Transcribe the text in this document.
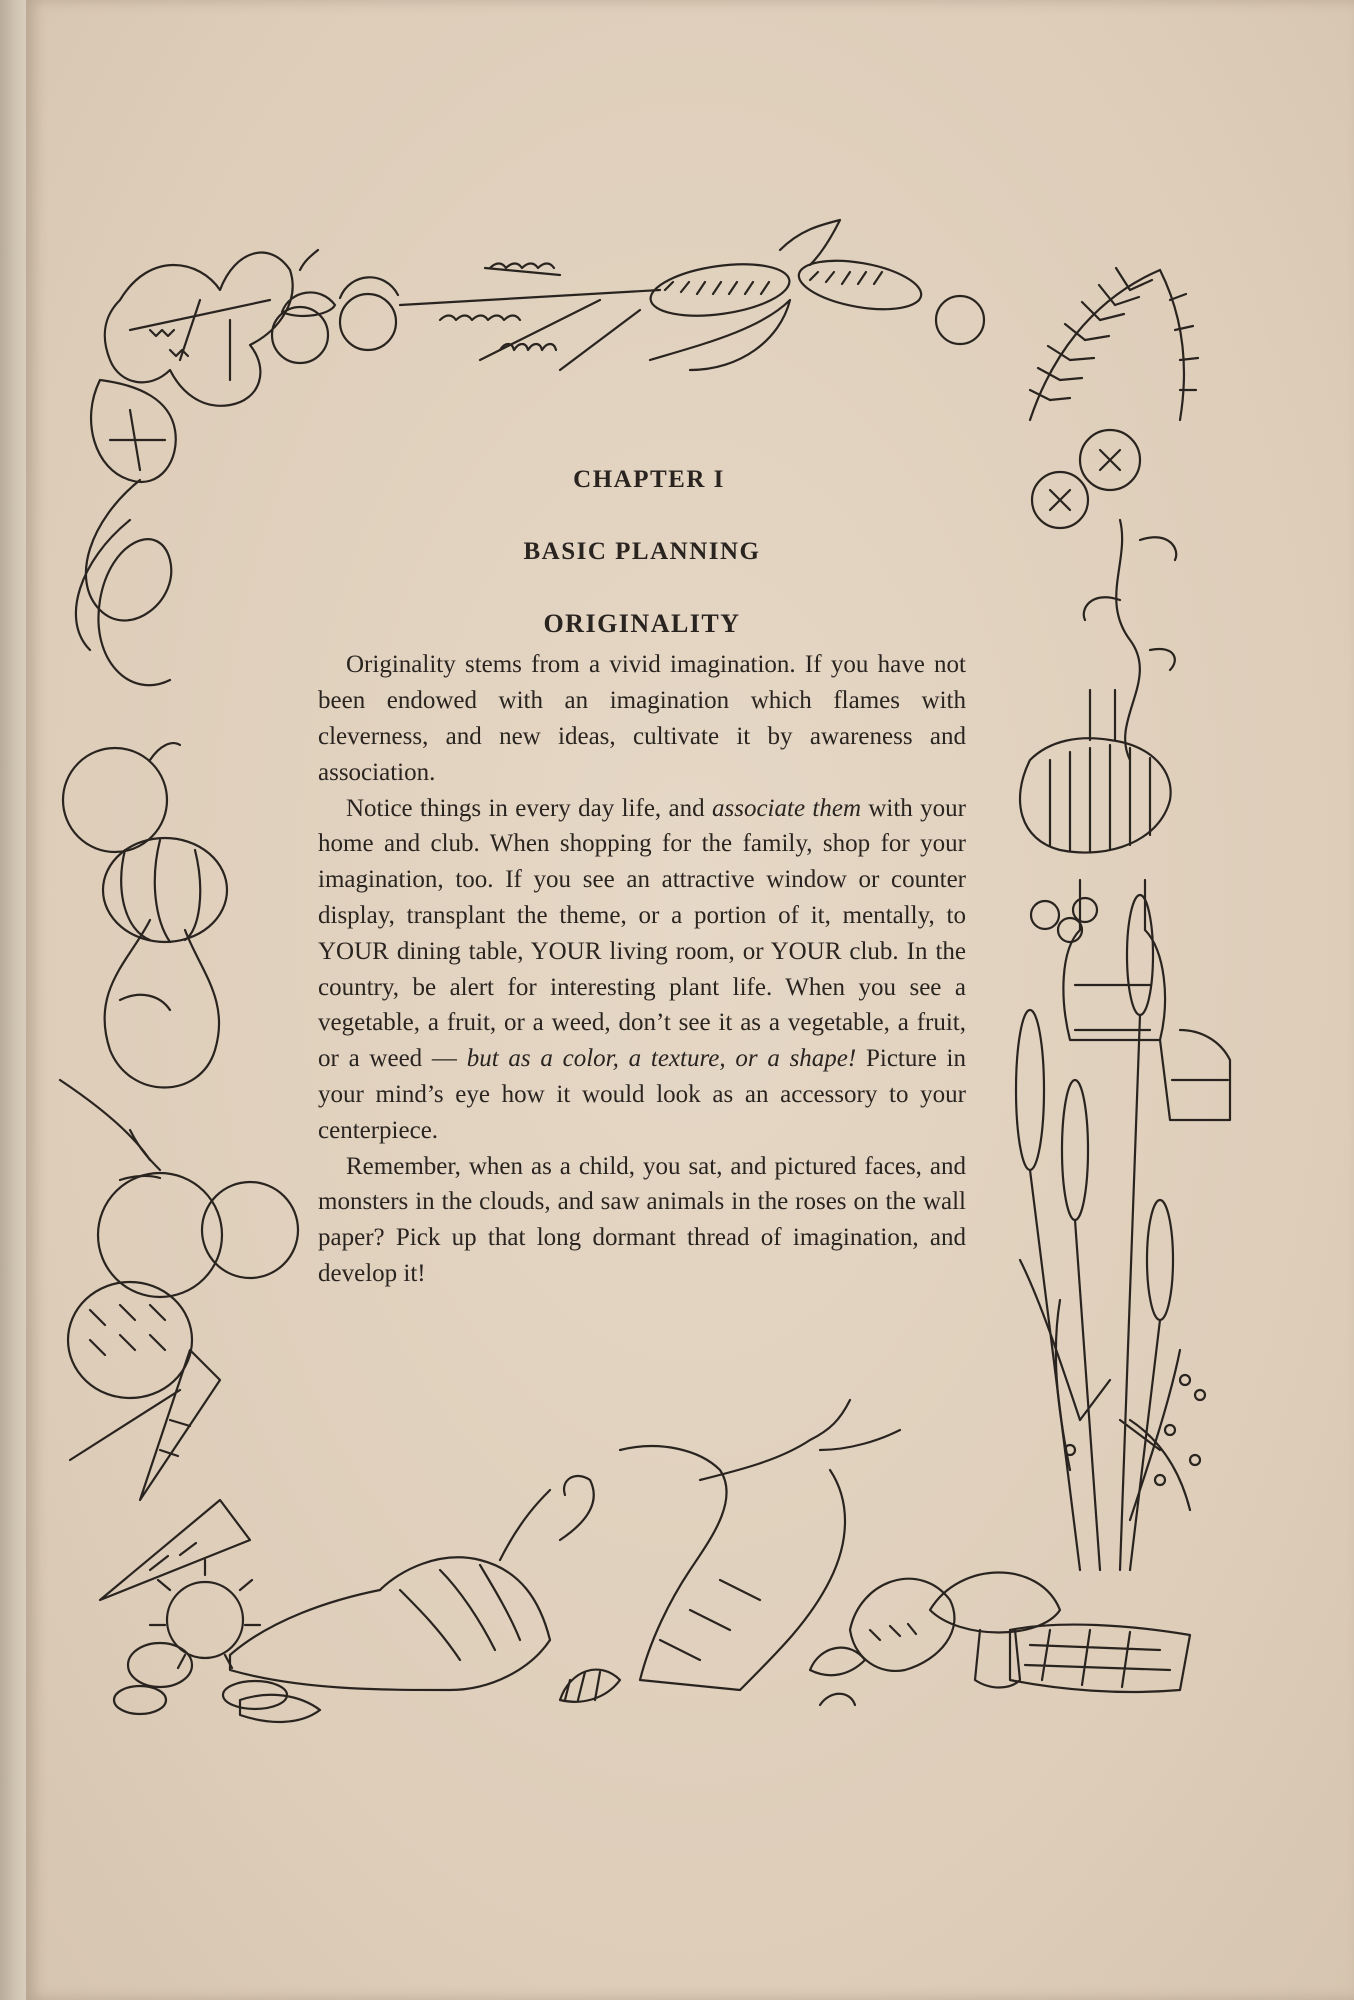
CHAPTER I
BASIC PLANNING
ORIGINALITY

Originality stems from a vivid imagination. If you have not been endowed with an imagination which flames with cleverness, and new ideas, cultivate it by awareness and association.

Notice things in every day life, and associate them with your home and club. When shopping for the family, shop for your imagination, too. If you see an attractive window or counter display, transplant the theme, or a portion of it, mentally, to YOUR dining table, YOUR living room, or YOUR club. In the country, be alert for interesting plant life. When you see a vegetable, a fruit, or a weed, don’t see it as a vegetable, a fruit, or a weed — but as a color, a texture, or a shape! Picture in your mind’s eye how it would look as an accessory to your centerpiece.

Remember, when as a child, you sat, and pictured faces, and monsters in the clouds, and saw animals in the roses on the wall paper? Pick up that long dormant thread of imagination, and develop it!
